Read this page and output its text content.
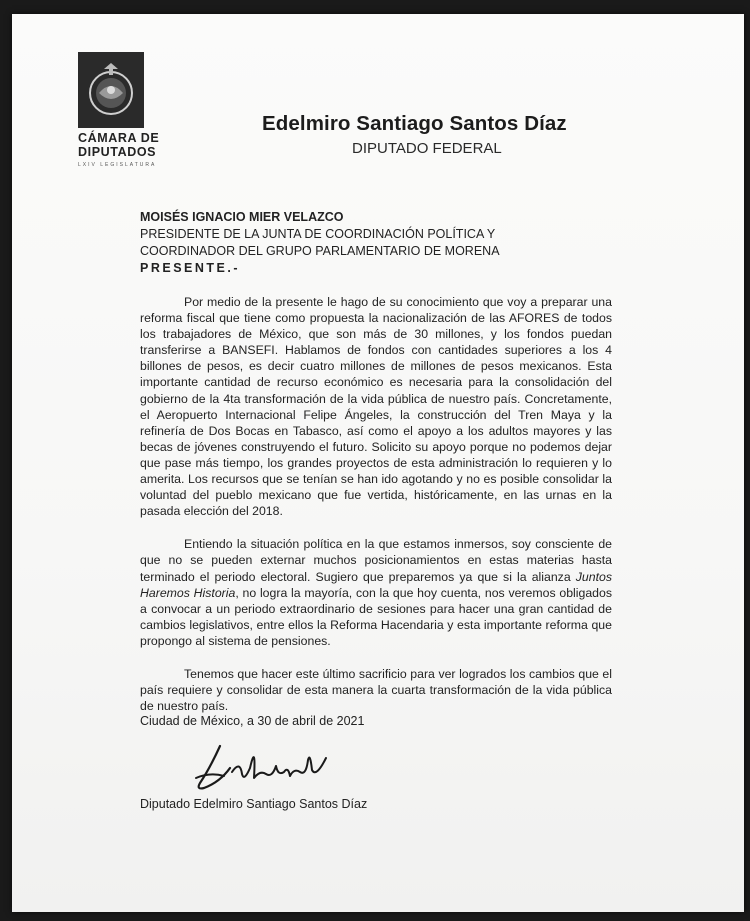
CÁMARA DE
DIPUTADOS
LXIV LEGISLATURA
Edelmiro Santiago Santos Díaz
DIPUTADO FEDERAL
MOISÉS IGNACIO MIER VELAZCO
PRESIDENTE DE LA JUNTA DE COORDINACIÓN POLÍTICA Y
COORDINADOR DEL GRUPO PARLAMENTARIO DE MORENA
PRESENTE.-

Por medio de la presente le hago de su conocimiento que voy a preparar una reforma fiscal que tiene como propuesta la nacionalización de las AFORES de todos los trabajadores de México, que son más de 30 millones, y los fondos puedan transferirse a BANSEFI. Hablamos de fondos con cantidades superiores a los 4 billones de pesos, es decir cuatro millones de millones de pesos mexicanos. Esta importante cantidad de recurso económico es necesaria para la consolidación del gobierno de la 4ta transformación de la vida pública de nuestro país. Concretamente, el Aeropuerto Internacional Felipe Ángeles, la construcción del Tren Maya y la refinería de Dos Bocas en Tabasco, así como el apoyo a los adultos mayores y las becas de jóvenes construyendo el futuro. Solicito su apoyo porque no podemos dejar que pase más tiempo, los grandes proyectos de esta administración lo requieren y lo amerita. Los recursos que se tenían se han ido agotando y no es posible consolidar la voluntad del pueblo mexicano que fue vertida, históricamente, en las urnas en la pasada elección del 2018.

Entiendo la situación política en la que estamos inmersos, soy consciente de que no se pueden externar muchos posicionamientos en estas materias hasta terminado el periodo electoral. Sugiero que preparemos ya que si la alianza Juntos Haremos Historia, no logra la mayoría, con la que hoy cuenta, nos veremos obligados a convocar a un periodo extraordinario de sesiones para hacer una gran cantidad de cambios legislativos, entre ellos la Reforma Hacendaria y esta importante reforma que propongo al sistema de pensiones.

Tenemos que hacer este último sacrificio para ver logrados los cambios que el país requiere y consolidar de esta manera la cuarta transformación de la vida pública de nuestro país.

Ciudad de México, a 30 de abril de 2021
Diputado Edelmiro Santiago Santos Díaz
